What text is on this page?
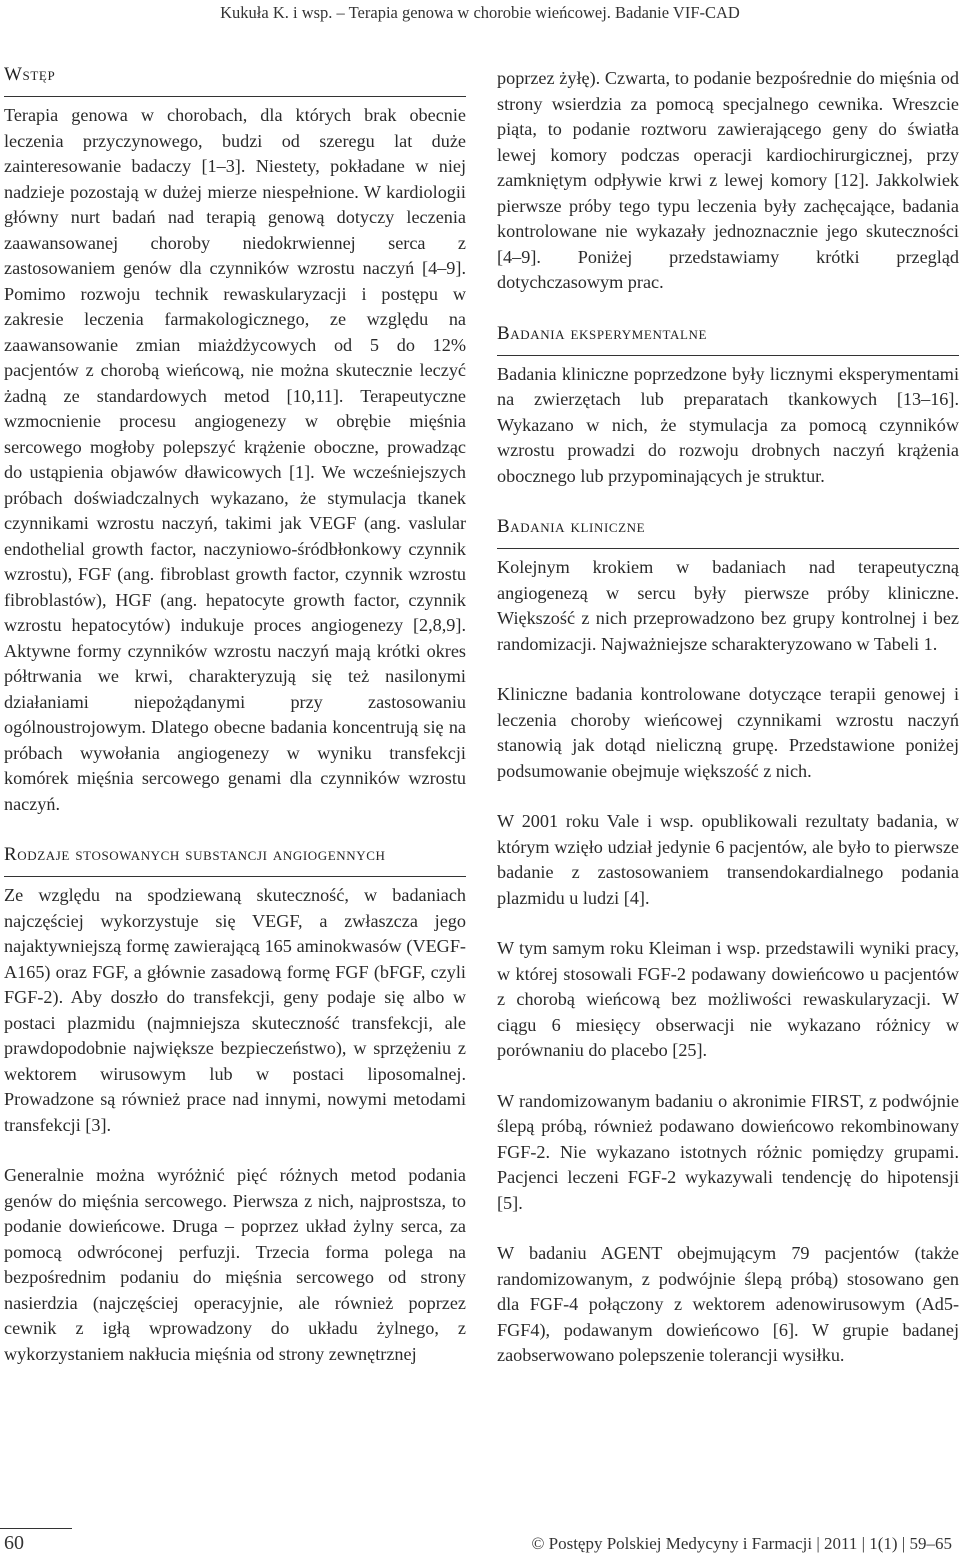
Kukuła K. i wsp. – Terapia genowa w chorobie wieńcowej. Badanie VIF-CAD
Wstęp

Terapia genowa w chorobach, dla których brak obecnie leczenia przyczynowego, budzi od szeregu lat duże zainteresowanie badaczy [1–3]. Niestety, pokładane w niej nadzieje pozostają w dużej mierze niespełnione. W kardiologii główny nurt badań nad terapią genową dotyczy leczenia zaawansowanej choroby niedokrwiennej serca z zastosowaniem genów dla czynników wzrostu naczyń [4–9]. Pomimo rozwoju technik rewaskularyzacji i postępu w zakresie leczenia farmakologicznego, ze względu na zaawansowanie zmian miażdżycowych od 5 do 12% pacjentów z chorobą wieńcową, nie można skutecznie leczyć żadną ze standardowych metod [10,11]. Terapeutyczne wzmocnienie procesu angiogenezy w obrębie mięśnia sercowego mogłoby polepszyć krążenie oboczne, prowadząc do ustąpienia objawów dławicowych [1]. We wcześniejszych próbach doświadczalnych wykazano, że stymulacja tkanek czynnikami wzrostu naczyń, takimi jak VEGF (ang. vaslular endothelial growth factor, naczyniowo-śródbłonkowy czynnik wzrostu), FGF (ang. fibroblast growth factor, czynnik wzrostu fibroblastów), HGF (ang. hepatocyte growth factor, czynnik wzrostu hepatocytów) indukuje proces angiogenezy [2,8,9]. Aktywne formy czynników wzrostu naczyń mają krótki okres półtrwania we krwi, charakteryzują się też nasilonymi działaniami niepożądanymi przy zastosowaniu ogólnoustrojowym. Dlatego obecne badania koncentrują się na próbach wywołania angiogenezy w wyniku transfekcji komórek mięśnia sercowego genami dla czynników wzrostu naczyń.

Rodzaje stosowanych substancji angiogennych

Ze względu na spodziewaną skuteczność, w badaniach najczęściej wykorzystuje się VEGF, a zwłaszcza jego najaktywniejszą formę zawierającą 165 aminokwasów (VEGF-A165) oraz FGF, a głównie zasadową formę FGF (bFGF, czyli FGF-2). Aby doszło do transfekcji, geny podaje się albo w postaci plazmidu (najmniejsza skuteczność transfekcji, ale prawdopodobnie największe bezpieczeństwo), w sprzężeniu z wektorem wirusowym lub w postaci liposomalnej. Prowadzone są również prace nad innymi, nowymi metodami transfekcji [3].

Generalnie można wyróżnić pięć różnych metod podania genów do mięśnia sercowego. Pierwsza z nich, najprostsza, to podanie dowieńcowe. Druga – poprzez układ żylny serca, za pomocą odwróconej perfuzji. Trzecia forma polega na bezpośrednim podaniu do mięśnia sercowego od strony nasierdzia (najczęściej operacyjnie, ale również poprzez cewnik z igłą wprowadzony do układu żylnego, z wykorzystaniem nakłucia mięśnia od strony zewnętrznej

poprzez żyłę). Czwarta, to podanie bezpośrednie do mięśnia od strony wsierdzia za pomocą specjalnego cewnika. Wreszcie piąta, to podanie roztworu zawierającego geny do światła lewej komory podczas operacji kardiochirurgicznej, przy zamkniętym odpływie krwi z lewej komory [12]. Jakkolwiek pierwsze próby tego typu leczenia były zachęcające, badania kontrolowane nie wykazały jednoznacznie jego skuteczności [4–9]. Poniżej przedstawiamy krótki przegląd dotychczasowym prac.

Badania eksperymentalne

Badania kliniczne poprzedzone były licznymi eksperymentami na zwierzętach lub preparatach tkankowych [13–16]. Wykazano w nich, że stymulacja za pomocą czynników wzrostu prowadzi do rozwoju drobnych naczyń krążenia obocznego lub przypominających je struktur.

Badania kliniczne

Kolejnym krokiem w badaniach nad terapeutyczną angiogenezą w sercu były pierwsze próby kliniczne. Większość z nich przeprowadzono bez grupy kontrolnej i bez randomizacji. Najważniejsze scharakteryzowano w Tabeli 1.

Kliniczne badania kontrolowane dotyczące terapii genowej i leczenia choroby wieńcowej czynnikami wzrostu naczyń stanowią jak dotąd nieliczną grupę. Przedstawione poniżej podsumowanie obejmuje większość z nich.

W 2001 roku Vale i wsp. opublikowali rezultaty badania, w którym wzięło udział jedynie 6 pacjentów, ale było to pierwsze badanie z zastosowaniem transendokardialnego podania plazmidu u ludzi [4].

W tym samym roku Kleiman i wsp. przedstawili wyniki pracy, w której stosowali FGF-2 podawany dowieńcowo u pacjentów z chorobą wieńcową bez możliwości rewaskularyzacji. W ciągu 6 miesięcy obserwacji nie wykazano różnicy w porównaniu do placebo [25].

W randomizowanym badaniu o akronimie FIRST, z podwójnie ślepą próbą, również podawano dowieńcowo rekombinowany FGF-2. Nie wykazano istotnych różnic pomiędzy grupami. Pacjenci leczeni FGF-2 wykazywali tendencję do hipotensji [5].

W badaniu AGENT obejmującym 79 pacjentów (także randomizowanym, z podwójnie ślepą próbą) stosowano gen dla FGF-4 połączony z wektorem adenowirusowym (Ad5-FGF4), podawanym dowieńcowo [6]. W grupie badanej zaobserwowano polepszenie tolerancji wysiłku.

60	© Postępy Polskiej Medycyny i Farmacji | 2011 | 1(1) | 59–65
